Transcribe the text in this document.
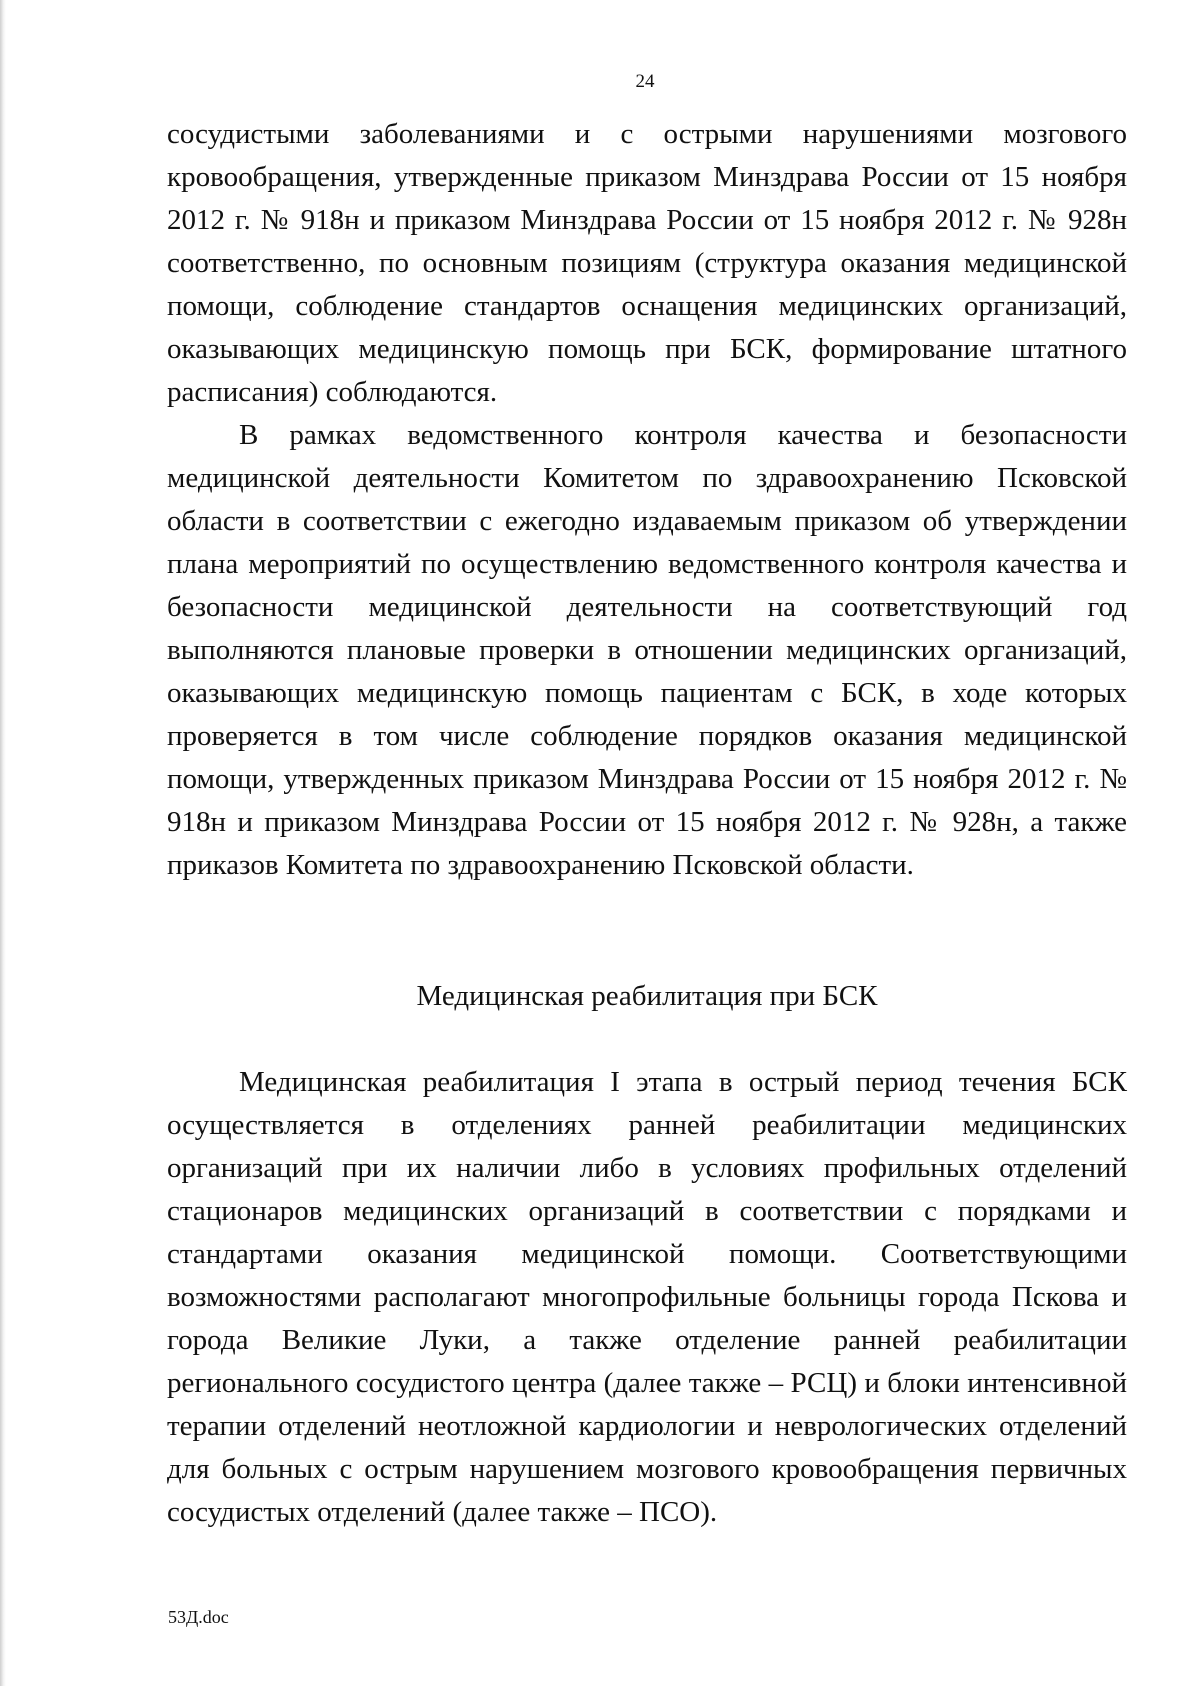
24

сосудистыми заболеваниями и с острыми нарушениями мозгового кровообращения, утвержденные приказом Минздрава России от 15 ноября 2012 г. № 918н и приказом Минздрава России от 15 ноября 2012 г. № 928н соответственно, по основным позициям (структура оказания медицинской помощи, соблюдение стандартов оснащения медицинских организаций, оказывающих медицинскую помощь при БСК, формирование штатного расписания) соблюдаются.

В рамках ведомственного контроля качества и безопасности медицинской деятельности Комитетом по здравоохранению Псковской области в соответствии с ежегодно издаваемым приказом об утверждении плана мероприятий по осуществлению ведомственного контроля качества и безопасности медицинской деятельности на соответствующий год выполняются плановые проверки в отношении медицинских организаций, оказывающих медицинскую помощь пациентам с БСК, в ходе которых проверяется в том числе соблюдение порядков оказания медицинской помощи, утвержденных приказом Минздрава России от 15 ноября 2012 г. № 918н и приказом Минздрава России от 15 ноября 2012 г. № 928н, а также приказов Комитета по здравоохранению Псковской области.

Медицинская реабилитация при БСК

Медицинская реабилитация I этапа в острый период течения БСК осуществляется в отделениях ранней реабилитации медицинских организаций при их наличии либо в условиях профильных отделений стационаров медицинских организаций в соответствии с порядками и стандартами оказания медицинской помощи. Соответствующими возможностями располагают многопрофильные больницы города Пскова и города Великие Луки, а также отделение ранней реабилитации регионального сосудистого центра (далее также – РСЦ) и блоки интенсивной терапии отделений неотложной кардиологии и неврологических отделений для больных с острым нарушением мозгового кровообращения первичных сосудистых отделений (далее также – ПСО).

53Д.doc
